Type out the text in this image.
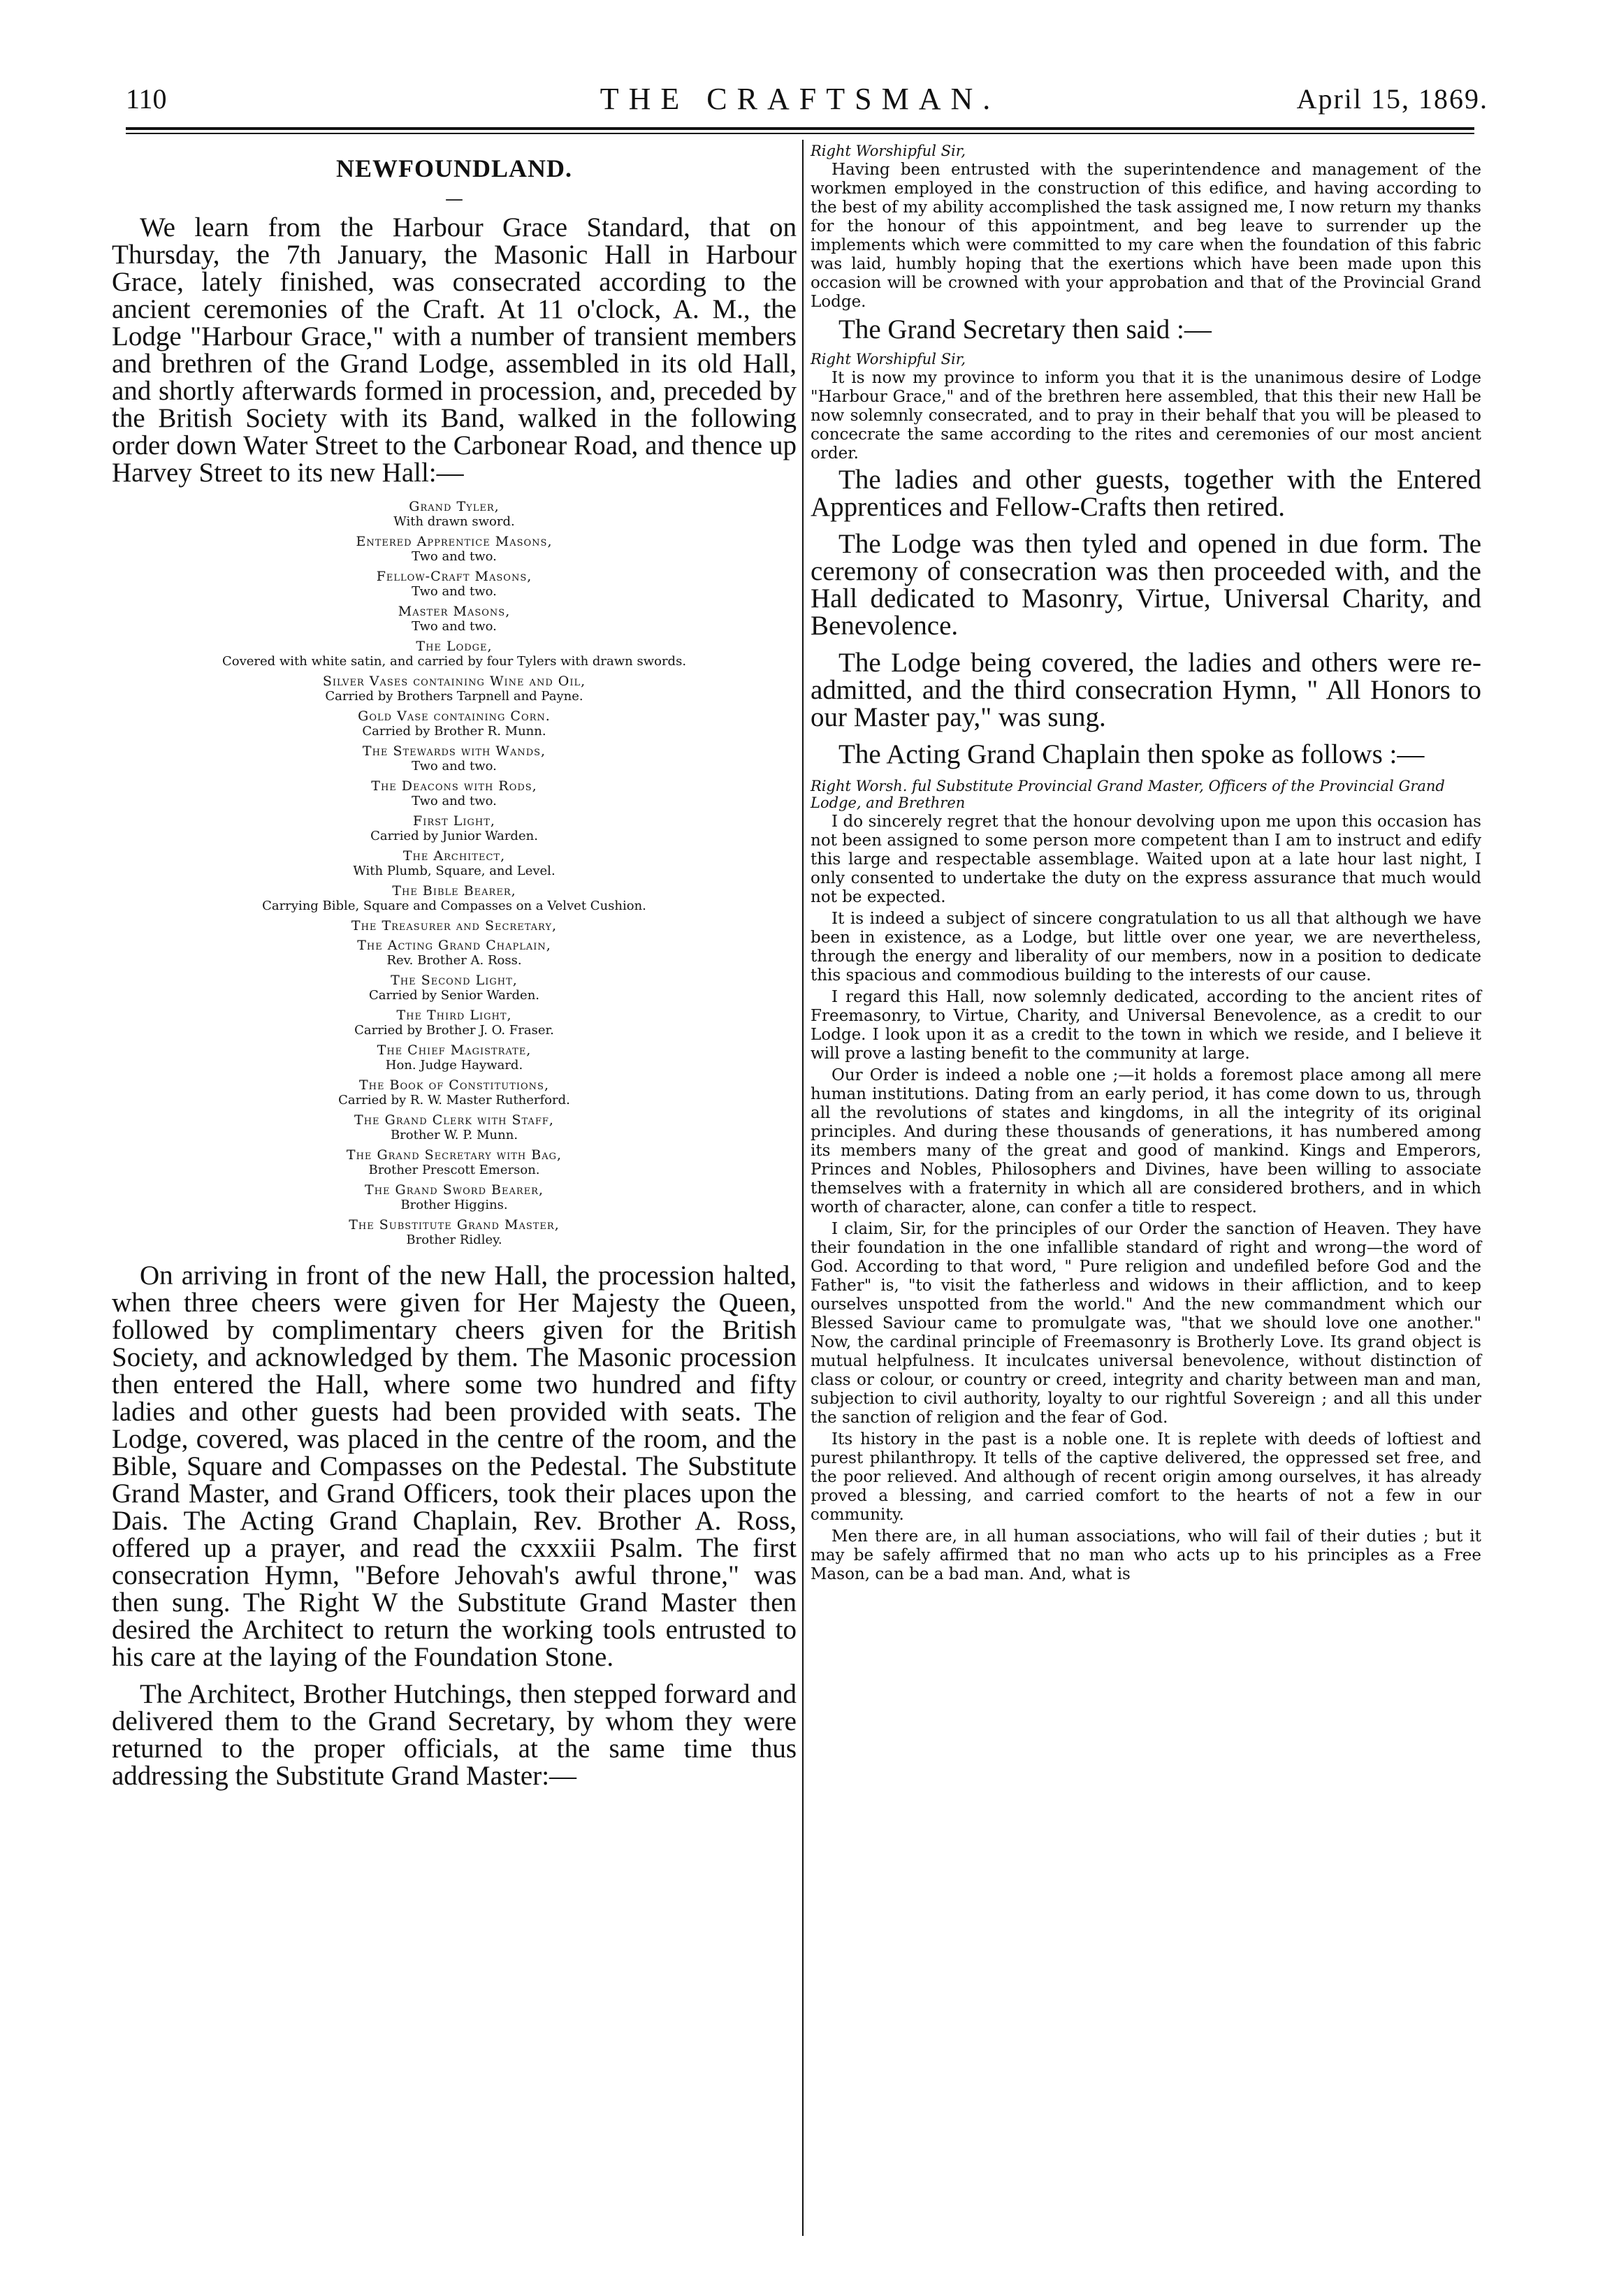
110	THE CRAFTSMAN.	April 15, 1869.
NEWFOUNDLAND.
—

We learn from the Harbour Grace Standard, that on Thursday, the 7th January, the Masonic Hall in Harbour Grace, lately finished, was consecrated according to the ancient ceremonies of the Craft. At 11 o'clock, A. M., the Lodge "Harbour Grace," with a number of transient members and brethren of the Grand Lodge, assembled in its old Hall, and shortly afterwards formed in procession, and, preceded by the British Society with its Band, walked in the following order down Water Street to the Carbonear Road, and thence up Harvey Street to its new Hall:—

Grand Tyler,
With drawn sword.
Entered Apprentice Masons,
Two and two.
Fellow-Craft Masons,
Two and two.
Master Masons,
Two and two.
The Lodge,
Covered with white satin, and carried by four Tylers with drawn swords.
Silver Vases containing Wine and Oil,
Carried by Brothers Tarpnell and Payne.
Gold Vase containing Corn.
Carried by Brother R. Munn.
The Stewards with Wands,
Two and two.
The Deacons with Rods,
Two and two.
First Light,
Carried by Junior Warden.
The Architect,
With Plumb, Square, and Level.
The Bible Bearer,
Carrying Bible, Square and Compasses on a Velvet Cushion.
The Treasurer and Secretary,
The Acting Grand Chaplain,
Rev. Brother A. Ross.
The Second Light,
Carried by Senior Warden.
The Third Light,
Carried by Brother J. O. Fraser.
The Chief Magistrate,
Hon. Judge Hayward.
The Book of Constitutions,
Carried by R. W. Master Rutherford.
The Grand Clerk with Staff,
Brother W. P. Munn.
The Grand Secretary with Bag,
Brother Prescott Emerson.
The Grand Sword Bearer,
Brother Higgins.
The Substitute Grand Master,
Brother Ridley.

On arriving in front of the new Hall, the procession halted, when three cheers were given for Her Majesty the Queen, followed by complimentary cheers given for the British Society, and acknowledged by them. The Masonic procession then entered the Hall, where some two hundred and fifty ladies and other guests had been provided with seats. The Lodge, covered, was placed in the centre of the room, and the Bible, Square and Compasses on the Pedestal. The Substitute Grand Master, and Grand Officers, took their places upon the Dais. The Acting Grand Chaplain, Rev. Brother A. Ross, offered up a prayer, and read the cxxxiii Psalm. The first consecration Hymn, "Before Jehovah's awful throne," was then sung. The Right W the Substitute Grand Master then desired the Architect to return the working tools entrusted to his care at the laying of the Foundation Stone.

The Architect, Brother Hutchings, then stepped forward and delivered them to the Grand Secretary, by whom they were returned to the proper officials, at the same time thus addressing the Substitute Grand Master:—

Right Worshipful Sir,

Having been entrusted with the superintendence and management of the workmen employed in the construction of this edifice, and having according to the best of my ability accomplished the task assigned me, I now return my thanks for the honour of this appointment, and beg leave to surrender up the implements which were committed to my care when the foundation of this fabric was laid, humbly hoping that the exertions which have been made upon this occasion will be crowned with your approbation and that of the Provincial Grand Lodge.

The Grand Secretary then said :—
Right Worshipful Sir,

It is now my province to inform you that it is the unanimous desire of Lodge "Harbour Grace," and of the brethren here assembled, that this their new Hall be now solemnly consecrated, and to pray in their behalf that you will be pleased to concecrate the same according to the rites and ceremonies of our most ancient order.

The ladies and other guests, together with the Entered Apprentices and Fellow-Crafts then retired.

The Lodge was then tyled and opened in due form. The ceremony of consecration was then proceeded with, and the Hall dedicated to Masonry, Virtue, Universal Charity, and Benevolence.

The Lodge being covered, the ladies and others were re-admitted, and the third consecration Hymn, " All Honors to our Master pay," was sung.

The Acting Grand Chaplain then spoke as follows :—

Right Worsh. ful Substitute Provincial Grand Master, Officers of the Provincial Grand Lodge, and Brethren

I do sincerely regret that the honour devolving upon me upon this occasion has not been assigned to some person more competent than I am to instruct and edify this large and respectable assemblage. Waited upon at a late hour last night, I only consented to undertake the duty on the express assurance that much would not be expected.

It is indeed a subject of sincere congratulation to us all that although we have been in existence, as a Lodge, but little over one year, we are nevertheless, through the energy and liberality of our members, now in a position to dedicate this spacious and commodious building to the interests of our cause.

I regard this Hall, now solemnly dedicated, according to the ancient rites of Freemasonry, to Virtue, Charity, and Universal Benevolence, as a credit to our Lodge. I look upon it as a credit to the town in which we reside, and I believe it will prove a lasting benefit to the community at large.

Our Order is indeed a noble one ;—it holds a foremost place among all mere human institutions. Dating from an early period, it has come down to us, through all the revolutions of states and kingdoms, in all the integrity of its original principles. And during these thousands of generations, it has numbered among its members many of the great and good of mankind. Kings and Emperors, Princes and Nobles, Philosophers and Divines, have been willing to associate themselves with a fraternity in which all are considered brothers, and in which worth of character, alone, can confer a title to respect.

I claim, Sir, for the principles of our Order the sanction of Heaven. They have their foundation in the one infallible standard of right and wrong—the word of God. According to that word, " Pure religion and undefiled before God and the Father" is, "to visit the fatherless and widows in their affliction, and to keep ourselves unspotted from the world." And the new commandment which our Blessed Saviour came to promulgate was, "that we should love one another." Now, the cardinal principle of Freemasonry is Brotherly Love. Its grand object is mutual helpfulness. It inculcates universal benevolence, without distinction of class or colour, or country or creed, integrity and charity between man and man, subjection to civil authority, loyalty to our rightful Sovereign ; and all this under the sanction of religion and the fear of God.

Its history in the past is a noble one. It is replete with deeds of loftiest and purest philanthropy. It tells of the captive delivered, the oppressed set free, and the poor relieved. And although of recent origin among ourselves, it has already proved a blessing, and carried comfort to the hearts of not a few in our community.

Men there are, in all human associations, who will fail of their duties ; but it may be safely affirmed that no man who acts up to his principles as a Free Mason, can be a bad man. And, what is
